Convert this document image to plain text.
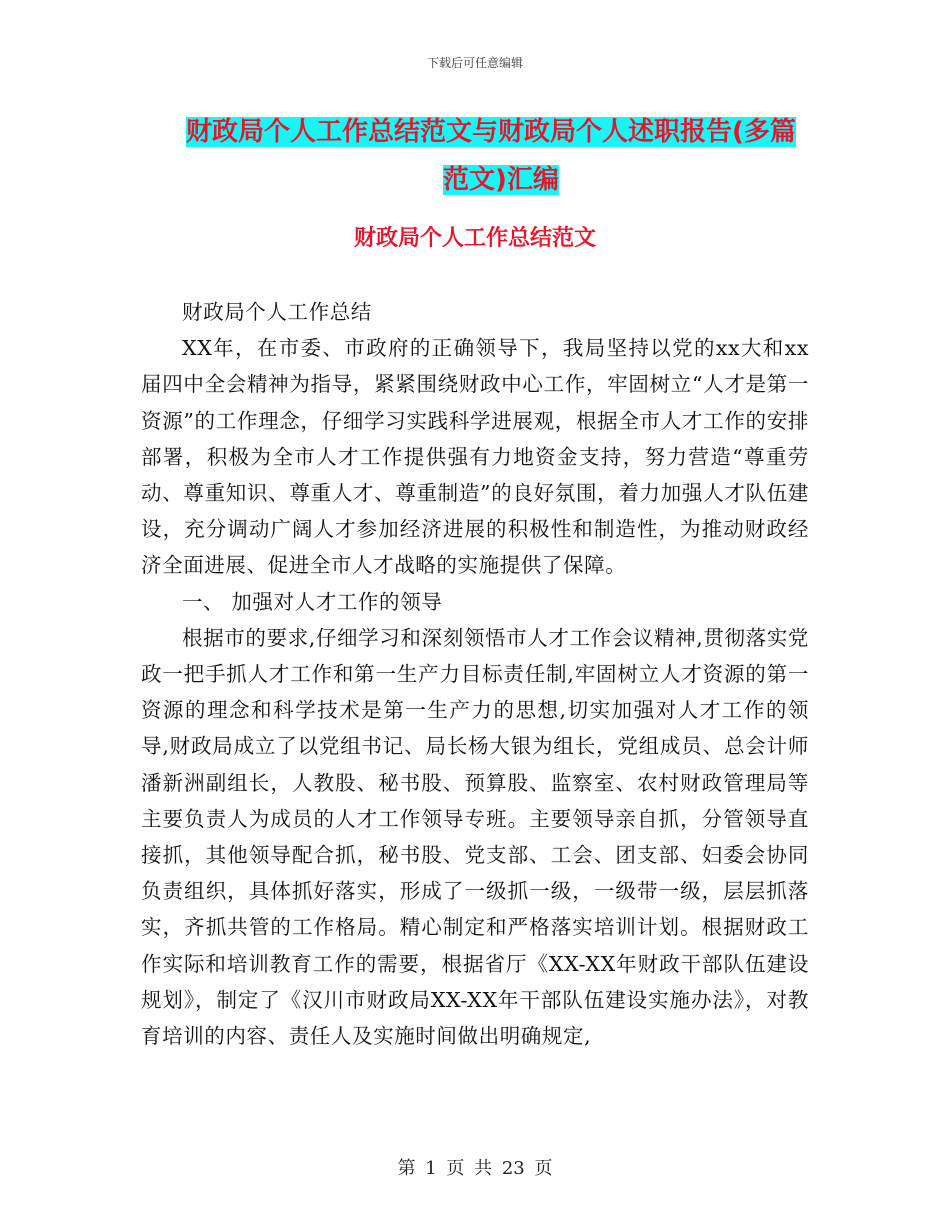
下载后可任意编辑
财政局个人工作总结范文与财政局个人述职报告(多篇
范文)汇编
财政局个人工作总结范文

财政局个人工作总结

XX年，在市委、市政府的正确领导下，我局坚持以党的xx大和xx届四中全会精神为指导，紧紧围绕财政中心工作，牢固树立“人才是第一资源”的工作理念，仔细学习实践科学进展观，根据全市人才工作的安排部署，积极为全市人才工作提供强有力地资金支持，努力营造“尊重劳动、尊重知识、尊重人才、尊重制造”的良好氛围，着力加强人才队伍建设，充分调动广阔人才参加经济进展的积极性和制造性，为推动财政经济全面进展、促进全市人才战略的实施提供了保障。

一、 加强对人才工作的领导

根据市的要求,仔细学习和深刻领悟市人才工作会议精神,贯彻落实党政一把手抓人才工作和第一生产力目标责任制,牢固树立人才资源的第一资源的理念和科学技术是第一生产力的思想,切实加强对人才工作的领导,财政局成立了以党组书记、局长杨大银为组长，党组成员、总会计师潘新洲副组长，人教股、秘书股、预算股、监察室、农村财政管理局等主要负责人为成员的人才工作领导专班。主要领导亲自抓，分管领导直接抓，其他领导配合抓，秘书股、党支部、工会、团支部、妇委会协同负责组织，具体抓好落实，形成了一级抓一级，一级带一级，层层抓落实，齐抓共管的工作格局。精心制定和严格落实培训计划。根据财政工作实际和培训教育工作的需要，根据省厅《XX-XX年财政干部队伍建设规划》，制定了《汉川市财政局XX-XX年干部队伍建设实施办法》，对教育培训的内容、责任人及实施时间做出明确规定,

第 1 页 共 23 页
